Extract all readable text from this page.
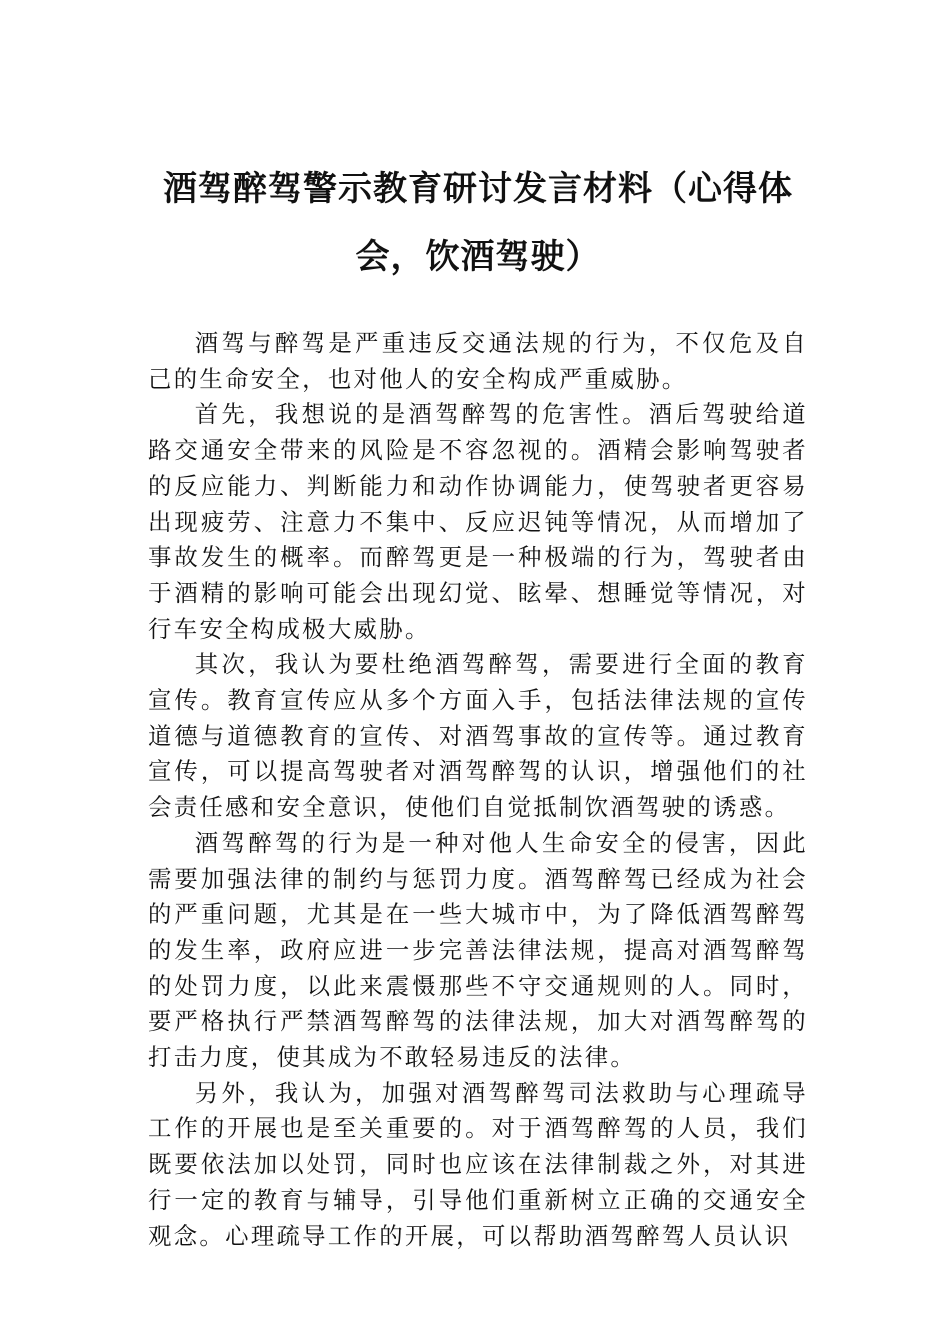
酒驾醉驾警示教育研讨发言材料（心得体会，饮酒驾驶）

酒驾与醉驾是严重违反交通法规的行为，不仅危及自己的生命安全，也对他人的安全构成严重威胁。

首先，我想说的是酒驾醉驾的危害性。酒后驾驶给道路交通安全带来的风险是不容忽视的。酒精会影响驾驶者的反应能力、判断能力和动作协调能力，使驾驶者更容易出现疲劳、注意力不集中、反应迟钝等情况，从而增加了事故发生的概率。而醉驾更是一种极端的行为，驾驶者由于酒精的影响可能会出现幻觉、眩晕、想睡觉等情况，对行车安全构成极大威胁。

其次，我认为要杜绝酒驾醉驾，需要进行全面的教育宣传。教育宣传应从多个方面入手，包括法律法规的宣传道德与道德教育的宣传、对酒驾事故的宣传等。通过教育宣传，可以提高驾驶者对酒驾醉驾的认识，增强他们的社会责任感和安全意识，使他们自觉抵制饮酒驾驶的诱惑。

酒驾醉驾的行为是一种对他人生命安全的侵害，因此需要加强法律的制约与惩罚力度。酒驾醉驾已经成为社会的严重问题，尤其是在一些大城市中，为了降低酒驾醉驾的发生率，政府应进一步完善法律法规，提高对酒驾醉驾的处罚力度，以此来震慑那些不守交通规则的人。同时，要严格执行严禁酒驾醉驾的法律法规，加大对酒驾醉驾的打击力度，使其成为不敢轻易违反的法律。

另外，我认为，加强对酒驾醉驾司法救助与心理疏导工作的开展也是至关重要的。对于酒驾醉驾的人员，我们既要依法加以处罚，同时也应该在法律制裁之外，对其进行一定的教育与辅导，引导他们重新树立正确的交通安全观念。心理疏导工作的开展，可以帮助酒驾醉驾人员认识
